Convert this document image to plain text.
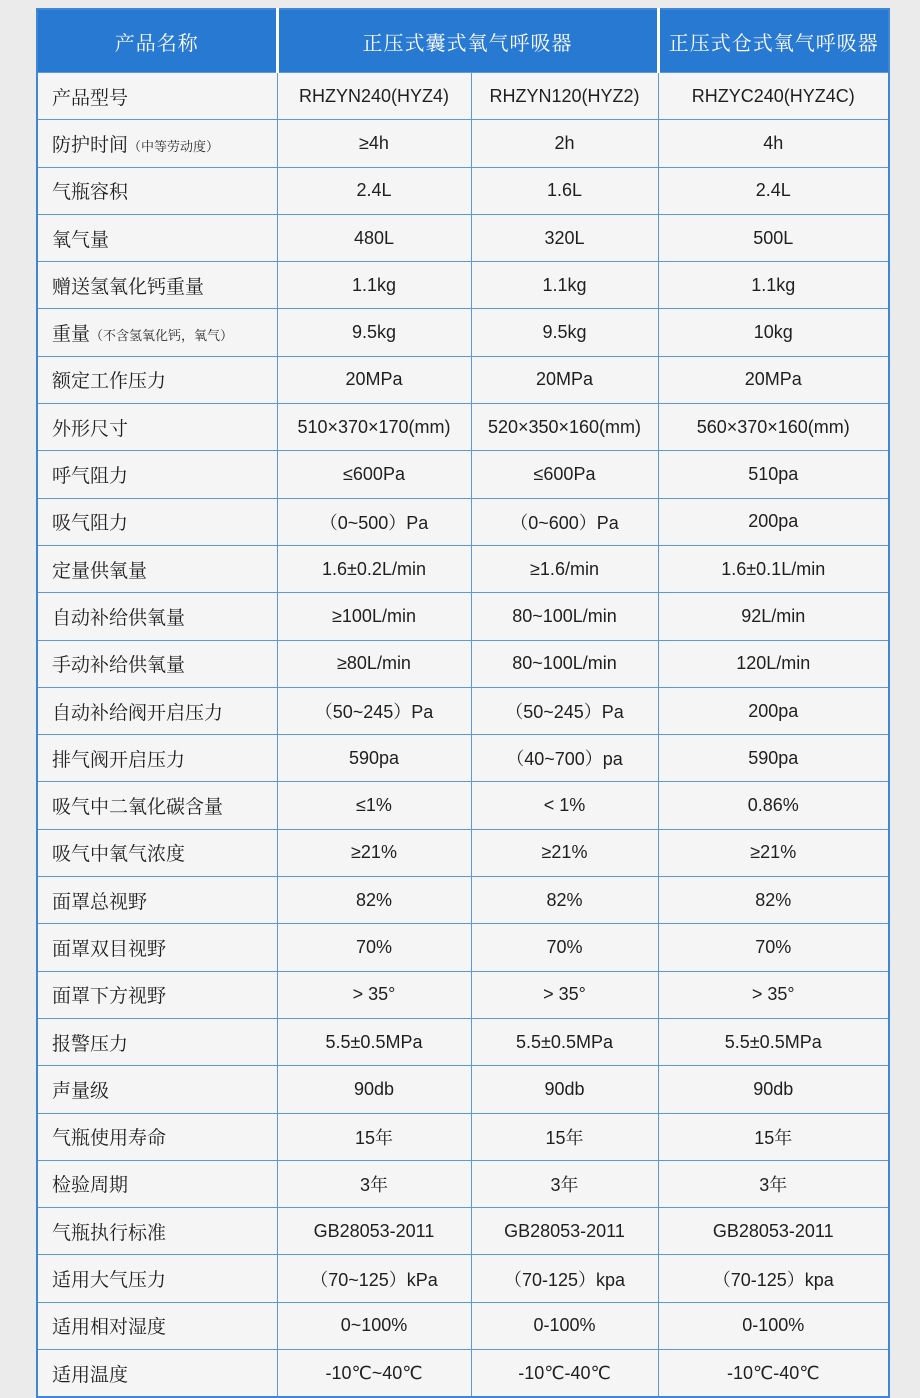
产品名称	正压式囊式氧气呼吸器		正压式仓式氧气呼吸器
产品型号	RHZYN240(HYZ4)	RHZYN120(HYZ2)	RHZYC240(HYZ4C)
防护时间（中等劳动度）	≥4h	2h	4h
气瓶容积	2.4L	1.6L	2.4L
氧气量	480L	320L	500L
赠送氢氧化钙重量	1.1kg	1.1kg	1.1kg
重量（不含氢氧化钙，氧气）	9.5kg	9.5kg	10kg
额定工作压力	20MPa	20MPa	20MPa
外形尺寸	510×370×170(mm)	520×350×160(mm)	560×370×160(mm)
呼气阻力	≤600Pa	≤600Pa	510pa
吸气阻力	（0~500）Pa	（0~600）Pa	200pa
定量供氧量	1.6±0.2L/min	≥1.6/min	1.6±0.1L/min
自动补给供氧量	≥100L/min	80~100L/min	92L/min
手动补给供氧量	≥80L/min	80~100L/min	120L/min
自动补给阀开启压力	（50~245）Pa	（50~245）Pa	200pa
排气阀开启压力	590pa	（40~700）pa	590pa
吸气中二氧化碳含量	≤1%	< 1%	0.86%
吸气中氧气浓度	≥21%	≥21%	≥21%
面罩总视野	82%	82%	82%
面罩双目视野	70%	70%	70%
面罩下方视野	> 35°	> 35°	> 35°
报警压力	5.5±0.5MPa	5.5±0.5MPa	5.5±0.5MPa
声量级	90db	90db	90db
气瓶使用寿命	15年	15年	15年
检验周期	3年	3年	3年
气瓶执行标准	GB28053-2011	GB28053-2011	GB28053-2011
适用大气压力	（70~125）kPa	（70-125）kpa	（70-125）kpa
适用相对湿度	0~100%	0-100%	0-100%
适用温度	-10℃~40℃	-10℃-40℃	-10℃-40℃
